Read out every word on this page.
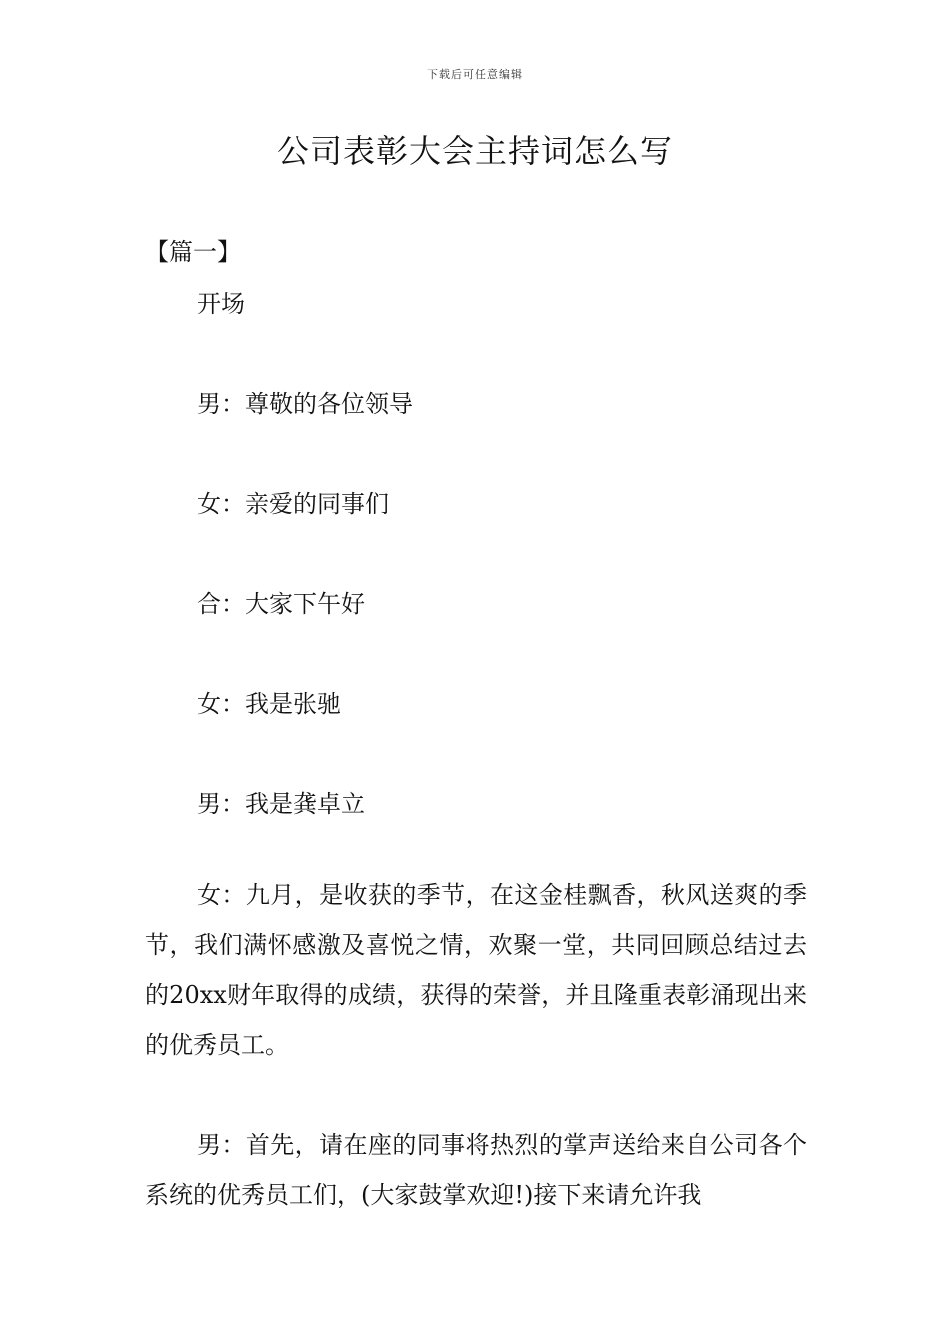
下载后可任意编辑
公司表彰大会主持词怎么写
【篇一】
开场
男：尊敬的各位领导
女：亲爱的同事们
合：大家下午好
女：我是张驰
男：我是龚卓立

女：九月，是收获的季节，在这金桂飘香，秋风送爽的季节，我们满怀感激及喜悦之情，欢聚一堂，共同回顾总结过去的20xx财年取得的成绩，获得的荣誉，并且隆重表彰涌现出来的优秀员工。

男：首先，请在座的同事将热烈的掌声送给来自公司各个系统的优秀员工们，(大家鼓掌欢迎!)接下来请允许我
